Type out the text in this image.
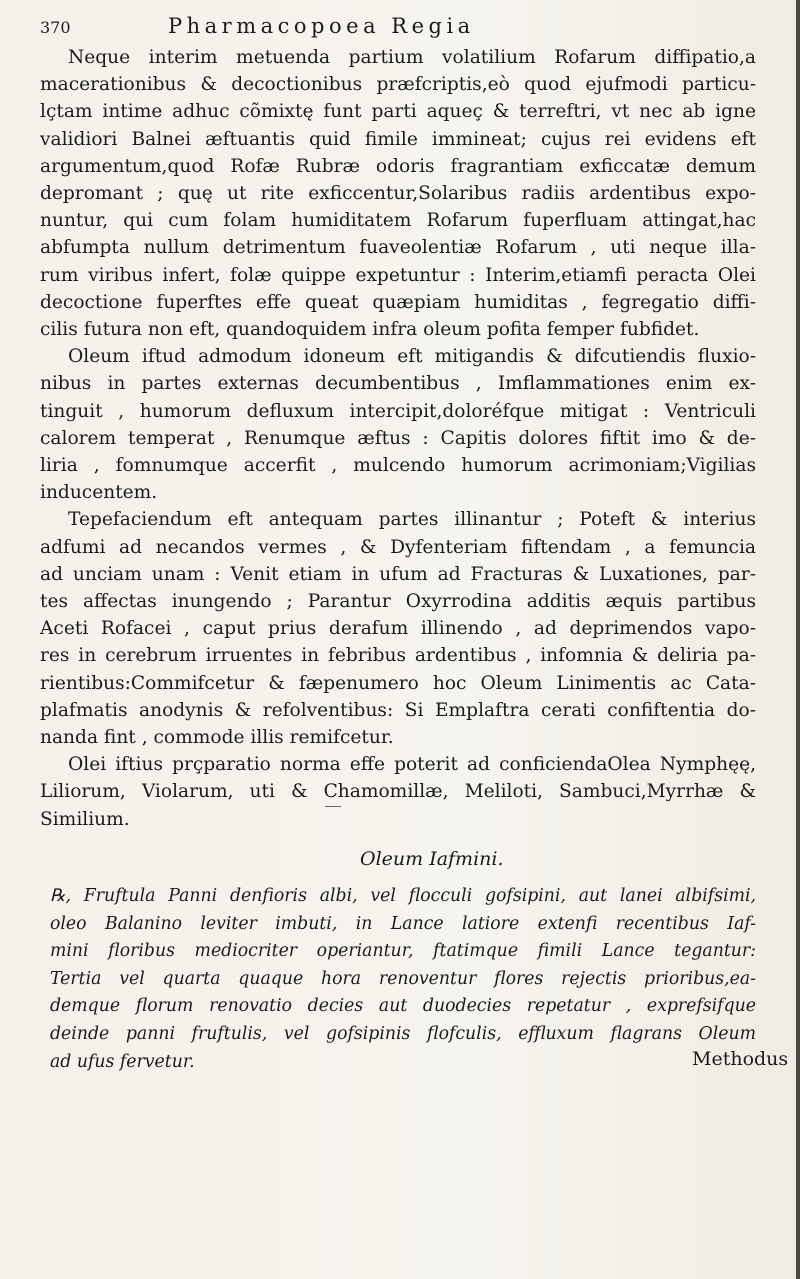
370	Pharmacopoea Regia

Neque interim metuenda partium volatilium Rofarum diffipatio,a

macerationibus & decoctionibus præfcriptis,eò quod ejufmodi particu-

lçtam intime adhuc cõmixtę funt parti aqueç & terreftri, vt nec ab igne

validiori Balnei æftuantis quid fimile immineat; cujus rei evidens eft

argumentum,quod Rofæ Rubræ odoris fragrantiam exficcatæ demum

depromant ; quę ut rite exficcentur,Solaribus radiis ardentibus expo-

nuntur, qui cum folam humiditatem Rofarum fuperfluam attingat,hac

abfumpta nullum detrimentum fuaveolentiæ Rofarum , uti neque illa-

rum viribus infert, folæ quippe expetuntur : Interim,etiamfi peracta Olei

decoctione fuperftes effe queat quæpiam humiditas , fegregatio diffi-

cilis futura non eft, quandoquidem infra oleum pofita femper fubfidet.

Oleum iftud admodum idoneum eft mitigandis & difcutiendis fluxio-

nibus in partes externas decumbentibus , Imflammationes enim ex-

tinguit , humorum defluxum intercipit,doloréfque mitigat : Ventriculi

calorem temperat , Renumque æftus : Capitis dolores fiftit imo & de-

liria , fomnumque accerfit , mulcendo humorum acrimoniam;Vigilias

inducentem.

Tepefaciendum eft antequam partes illinantur ; Poteft & interius

adfumi ad necandos vermes , & Dyfenteriam fiftendam , a femuncia

ad unciam unam : Venit etiam in ufum ad Fracturas & Luxationes, par-

tes affectas inungendo ; Parantur Oxyrrodina additis æquis partibus

Aceti Rofacei , caput prius derafum illinendo , ad deprimendos vapo-

res in cerebrum irruentes in febribus ardentibus , infomnia & deliria pa-

rientibus:Commifcetur & fæpenumero hoc Oleum Linimentis ac Cata-

plafmatis anodynis & refolventibus: Si Emplaftra cerati confiftentia do-

nanda fint , commode illis remifcetur.

Olei iftius prçparatio norma effe poterit ad conficiendaOlea Nymphęę,

Liliorum, Violarum, uti & Chamomillæ, Meliloti, Sambuci,Myrrhæ &

Similium.

Oleum Iafmini.

℞, Fruftula Panni denfioris albi, vel flocculi gofsipini, aut lanei albifsimi,

oleo Balanino leviter imbuti, in Lance latiore extenfi recentibus Iaf-

mini floribus mediocriter operiantur, ftatimque fimili Lance tegantur:

Tertia vel quarta quaque hora renoventur flores rejectis prioribus,ea-

demque florum renovatio decies aut duodecies repetatur , exprefsifque

deinde panni fruftulis, vel gofsipinis flofculis, effluxum flagrans Oleum

ad ufus fervetur.	Methodus
